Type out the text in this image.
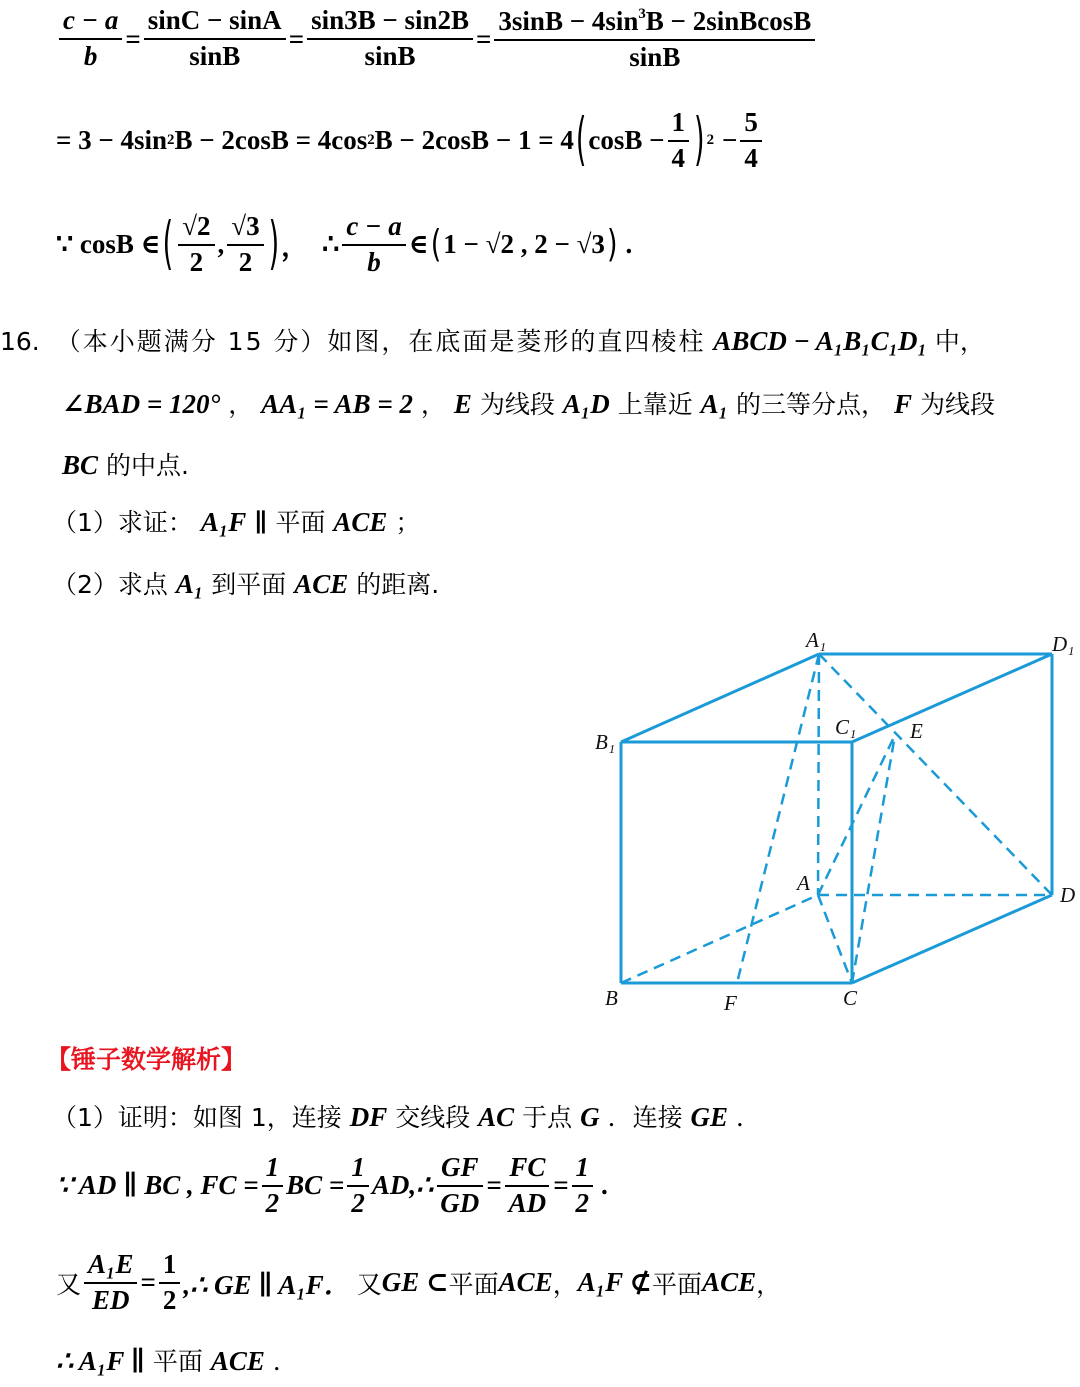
$\frac{c - a}{b} = \frac{\sin C - \sin A}{\sin B} = \frac{\sin 3B - \sin 2B}{\sin B} = \frac{3\sin B - 4\sin^3B - 2sinBcosB}{\sin B}$
= 3 − 4sin 2 B − 2cosB = 4cos 2 B − 2cosB − 1 = 4 ( $\cos B - \frac{1}{4}$ ) $2 - \frac{5}{4}$
∵ cosB ∈ ( $\frac{√2}{2}$ , $\frac{√3}{2}$ ) ， ∴ $\frac{c - a}{b}$ ∈ ( 1 − √2 , 2 − √3 ) .
16. （本小题满分 15 分）如图，在底面是菱形的直四棱柱 ABCD − A₁B₁C₁D₁ 中，
∠BAD = 120° ， AA₁ = AB = 2 ， E 为线段 A₁D 上靠近 A₁ 的三等分点， F 为线段
BC 的中点.
（1）求证： A₁F ∥ 平面 ACE ；
（2）求点 A₁ 到平面 ACE 的距离.
A₁	D₁
B₁
C₁	E
A	D
B	F	C
【锤子数学解析】
（1）证明：如图 1，连接 DF 交线段 AC 于点 G ．连接 GE ．
∵ AD ∥ BC , FC = $\frac{1}{2}$ BC = $\frac{1}{2}$ AD,∴ $\frac{GF}{GD} = \frac{FC}{AD} = \frac{1}{2}$ .
又 $\frac{\text{A₁E}}{ED} = \frac{1}{2}$ ,∴ GE ∥ A₁F． 又 GE ⊂ 平面 ACE ， A₁F ⊄ 平面 ACE ，
∴ A₁F ∥ 平面 ACE ．
